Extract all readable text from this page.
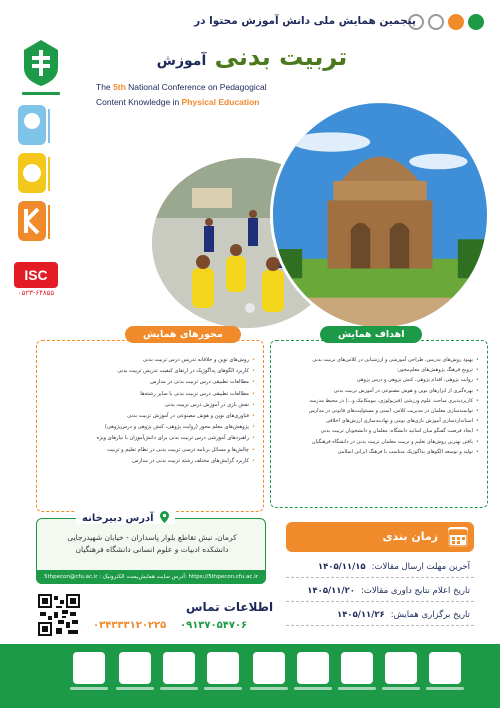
پنجمین همایش ملی دانش آموزش محتوا در
تربیت بدنی آموزش
The 5th National Conference on Pedagogical
Content Knowledge in Physical Education
ISC
۰۵۲۳-۶۴۸۵۵
• روش‌های نوین و خلاقانه تدریس درس تربیت بدنی
• کاربرد الگوهای پداگوژیک در ارتقای کیفیت تدریس تربیت بدنی
• مطالعات تطبیقی درس تربیت بدنی در مدارس
• مطالعات تطبیقی درس تربیت بدنی با سایر رشته‌ها
• نقش بازی در آموزش درس تربیت بدنی
• فناوری‌های نوین و هوش مصنوعی در آموزش تربیت بدنی
• پژوهش‌های معلم محور (روایت پژوهی، کنش پژوهی و درس‌پژوهی)
• راهبردهای آموزشی درس تربیت بدنی برای دانش‌آموزان با نیازهای ویژه
• چالش‌ها و مسائل برنامه درسی تربیت بدنی در نظام تعلیم و تربیت
• کاربرد گرایش‌های مختلف رشته تربیت بدنی در مدارس
محورهای همایش
• بهبود روش‌های تدریس، طراحی آموزشی و ارزشیابی در کلاس‌های تربیت بدنی
• ترویج فرهنگ پژوهش‌های معلم‌محور:
• روایت پژوهی، اقدام پژوهی، کنش پژوهی و درس پژوهی
• بهره‌گیری از ابزارهای نوین و هوش مصنوعی در آموزش تربیت بدنی
• کاربردپذیری مباحث علوم ورزشی (فیزیولوژی، بیومکانیک و...) در محیط مدرسه
• توانمندسازی معلمان در مدیریت کلاس، ایمنی و مسئولیت‌های قانونی در مدارس
• استانداردسازی آموزش بازی‌های بومی و نهادینه‌سازی ارزش‌های اخلاقی
• ایجاد فرصت گفتگو میان اساتید دانشگاه، معلمان و دانشجویان تربیت بدنی
• یافتن بهترین روش‌های تعلیم و تربیت معلمان تربیت بدنی در دانشگاه فرهنگیان
• تولید و توسعه الگوهای پداگوژیک متناسب با فرهنگ ایرانی اسلامی
اهداف همایش
آدرس دبیرخانه
کرمان، نبش تقاطع بلوار پاسداران - خیابان شهیدرجایی
دانشکده ادبیات و علوم انسانی دانشگاه فرهنگیان
5thpecon@cfu.ac.ir : پست الکترونیک آدرس سایت همایش: https://5thpecon.cfu.ac.ir
اطلاعات تماس
۰۳۴۳۳۳۱۲۰۲۲۵ ۰۹۱۳۷۰۵۴۷۰۶
زمان بندی
آخرین مهلت ارسال مقالات:
۱۴۰۵/۱۱/۱۵
تاریخ اعلام نتایج داوری مقالات:
۱۴۰۵/۱۱/۲۰
تاریخ برگزاری همایش:
۱۴۰۵/۱۱/۲۶
